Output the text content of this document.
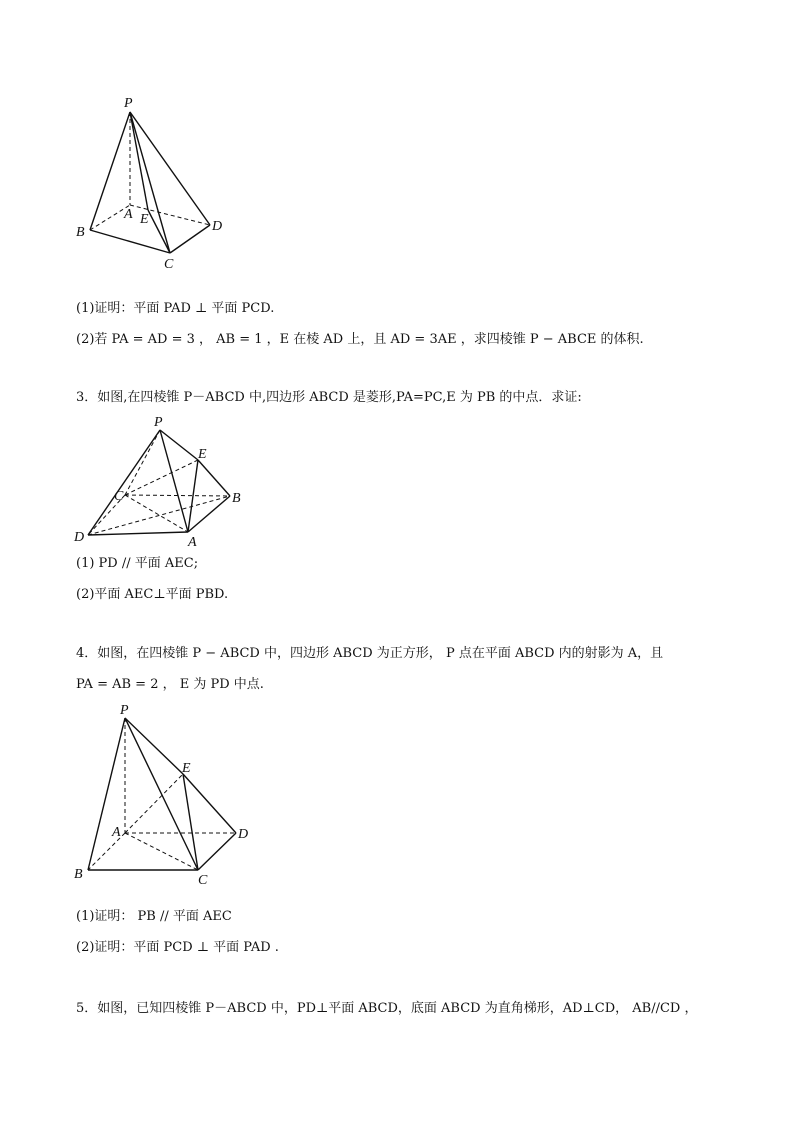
P
A E
B
C
D
(1)证明：平面 PAD ⊥ 平面 PCD.
(2)若 PA = AD = 3 ， AB = 1 ，E 在棱 AD 上，且 AD = 3AE ，求四棱锥 P − ABCE 的体积.
3．如图,在四棱锥 P－ABCD 中,四边形 ABCD 是菱形,PA=PC,E 为 PB 的中点．求证:
P
E
C	B
D	A
(1) PD // 平面 AEC;
(2)平面 AEC⊥平面 PBD.
4．如图，在四棱锥 P − ABCD 中，四边形 ABCD 为正方形， P 点在平面 ABCD 内的射影为 A，且
PA = AB = 2 ， E 为 PD 中点.
P
E
A	D
B	C
(1)证明： PB // 平面 AEC
(2)证明：平面 PCD ⊥ 平面 PAD .
5．如图，已知四棱锥 P－ABCD 中，PD⊥平面 ABCD，底面 ABCD 为直角梯形，AD⊥CD， AB//CD ，
